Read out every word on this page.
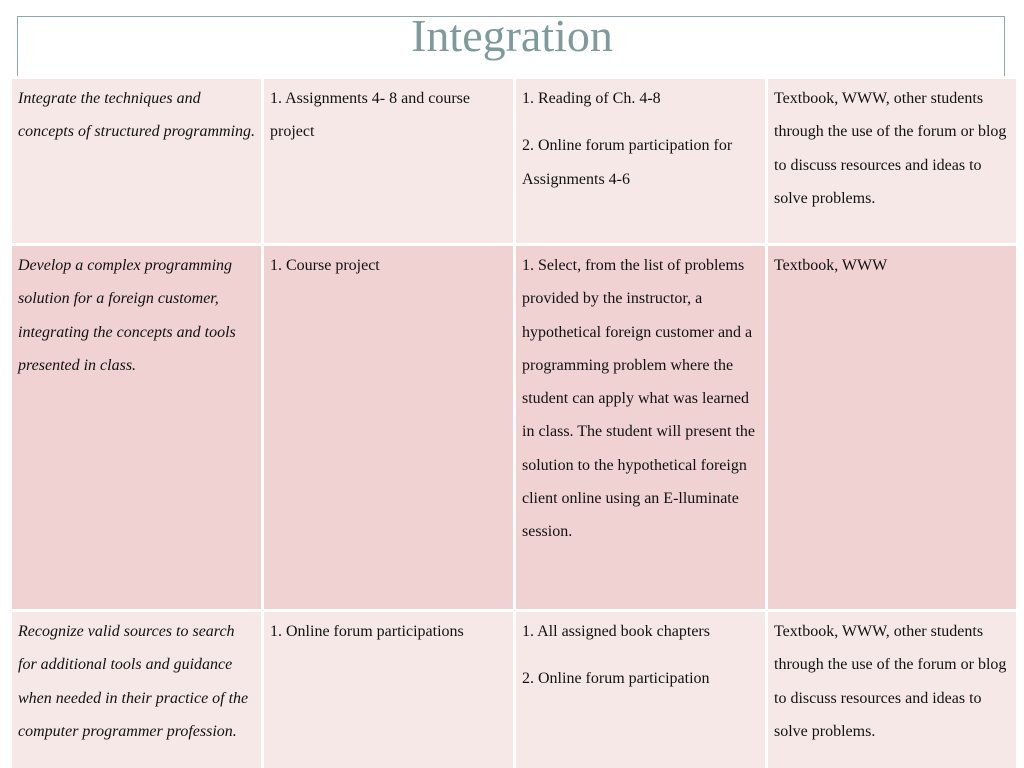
Integration
Integrate the techniques and concepts of structured programming.	1. Assignments 4- 8 and course project	1. Reading of Ch. 4-8
2. Online forum participation for Assignments 4-6	Textbook, WWW, other students through the use of the forum or blog to discuss resources and ideas to solve problems.
Develop a complex programming solution for a foreign customer, integrating the concepts and tools presented in class.	1. Course project	1. Select, from the list of problems provided by the instructor, a hypothetical foreign customer and a programming problem where the student can apply what was learned in class. The student will present the solution to the hypothetical foreign client online using an E-lluminate session.	Textbook, WWW
Recognize valid sources to search for additional tools and guidance when needed in their practice of the computer programmer profession.	1. Online forum participations	1. All assigned book chapters
2. Online forum participation	Textbook, WWW, other students through the use of the forum or blog to discuss resources and ideas to solve problems.
